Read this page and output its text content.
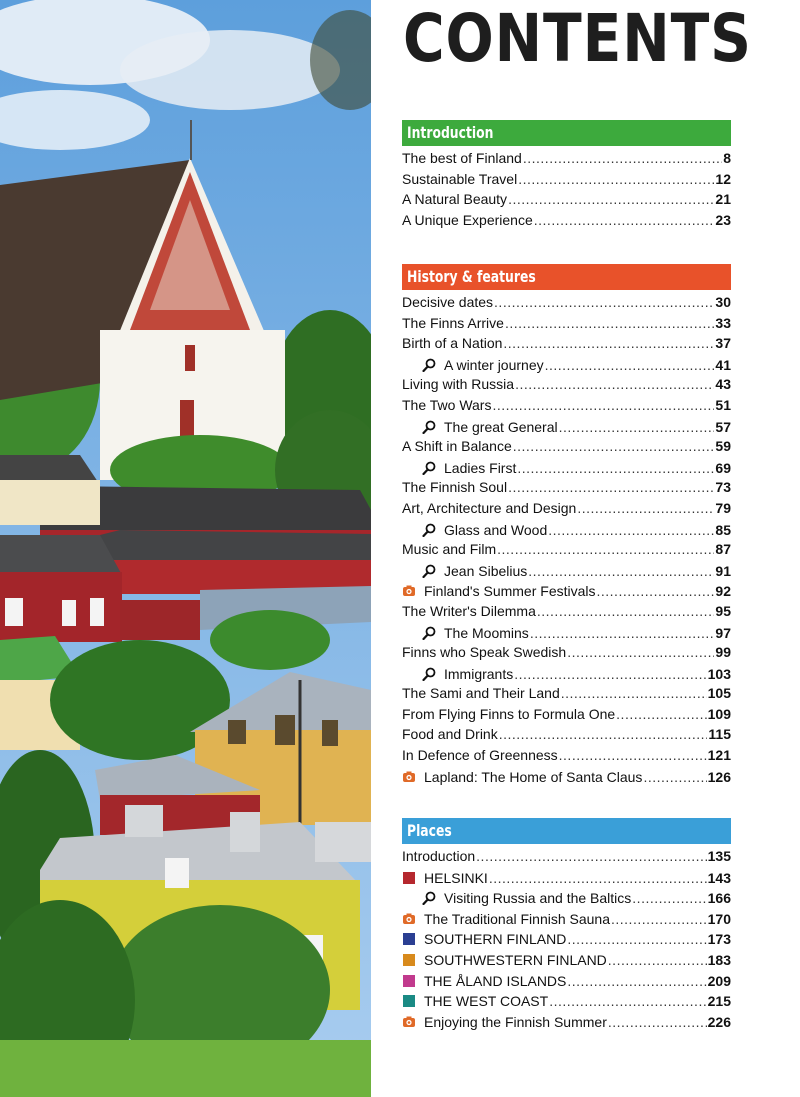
CONTENTS
Introduction
The best of Finland .....	8
Sustainable Travel .....	12
A Natural Beauty .....	21
A Unique Experience .....	23
History & features
Decisive dates .....	30
The Finns Arrive .....	33
Birth of a Nation .....	37
A winter journey .....	41
Living with Russia .....	43
The Two Wars .....	51
The great General .....	57
A Shift in Balance .....	59
Ladies First .....	69
The Finnish Soul .....	73
Art, Architecture and Design .....	79
Glass and Wood .....	85
Music and Film .....	87
Jean Sibelius .....	91
Finland's Summer Festivals .....	92
The Writer's Dilemma .....	95
The Moomins .....	97
Finns who Speak Swedish .....	99
Immigrants .....	103
The Sami and Their Land .....	105
From Flying Finns to Formula One .....	109
Food and Drink .....	115
In Defence of Greenness .....	121
Lapland: The Home of Santa Claus .....	126
Places
Introduction .....	135
HELSINKI .....	143
Visiting Russia and the Baltics .....	166
The Traditional Finnish Sauna .....	170
SOUTHERN FINLAND .....	173
SOUTHWESTERN FINLAND .....	183
THE ÅLAND ISLANDS .....	209
THE WEST COAST .....	215
Enjoying the Finnish Summer .....	226
